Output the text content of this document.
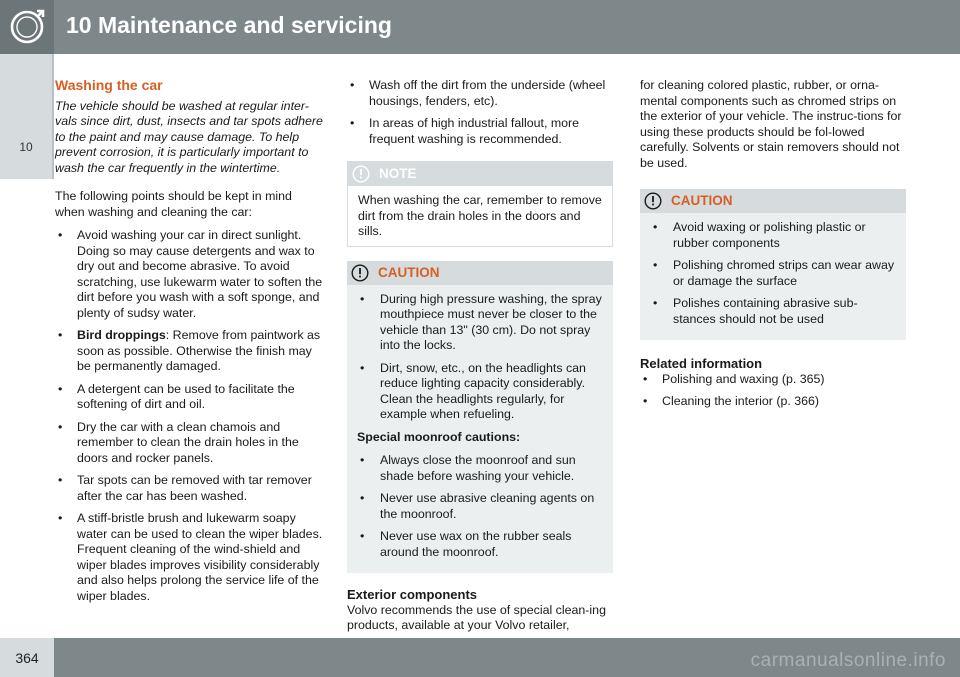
10 Maintenance and servicing
10
Washing the car

The vehicle should be washed at regular inter-vals since dirt, dust, insects and tar spots adhere to the paint and may cause damage. To help prevent corrosion, it is particularly important to wash the car frequently in the wintertime.

The following points should be kept in mind when washing and cleaning the car:

• Avoid washing your car in direct sunlight. Doing so may cause detergents and wax to dry out and become abrasive. To avoid scratching, use lukewarm water to soften the dirt before you wash with a soft sponge, and plenty of sudsy water.
• Bird droppings: Remove from paintwork as soon as possible. Otherwise the finish may be permanently damaged.
• A detergent can be used to facilitate the softening of dirt and oil.
• Dry the car with a clean chamois and remember to clean the drain holes in the doors and rocker panels.
• Tar spots can be removed with tar remover after the car has been washed.
• A stiff-bristle brush and lukewarm soapy water can be used to clean the wiper blades. Frequent cleaning of the wind-shield and wiper blades improves visibility considerably and also helps prolong the service life of the wiper blades.
• Wash off the dirt from the underside (wheel housings, fenders, etc).
• In areas of high industrial fallout, more frequent washing is recommended.
NOTE
When washing the car, remember to remove dirt from the drain holes in the doors and sills.
CAUTION
• During high pressure washing, the spray mouthpiece must never be closer to the vehicle than 13" (30 cm). Do not spray into the locks.
• Dirt, snow, etc., on the headlights can reduce lighting capacity considerably. Clean the headlights regularly, for example when refueling.
Special moonroof cautions:
• Always close the moonroof and sun shade before washing your vehicle.
• Never use abrasive cleaning agents on the moonroof.
• Never use wax on the rubber seals around the moonroof.
Exterior components

Volvo recommends the use of special clean-ing products, available at your Volvo retailer,

for cleaning colored plastic, rubber, or orna-mental components such as chromed strips on the exterior of your vehicle. The instruc-tions for using these products should be fol-lowed carefully. Solvents or stain removers should not be used.

CAUTION
• Avoid waxing or polishing plastic or rubber components
• Polishing chromed strips can wear away or damage the surface
• Polishes containing abrasive sub-stances should not be used
Related information
• Polishing and waxing (p. 365)
• Cleaning the interior (p. 366)
364	carmanualsonline.info
